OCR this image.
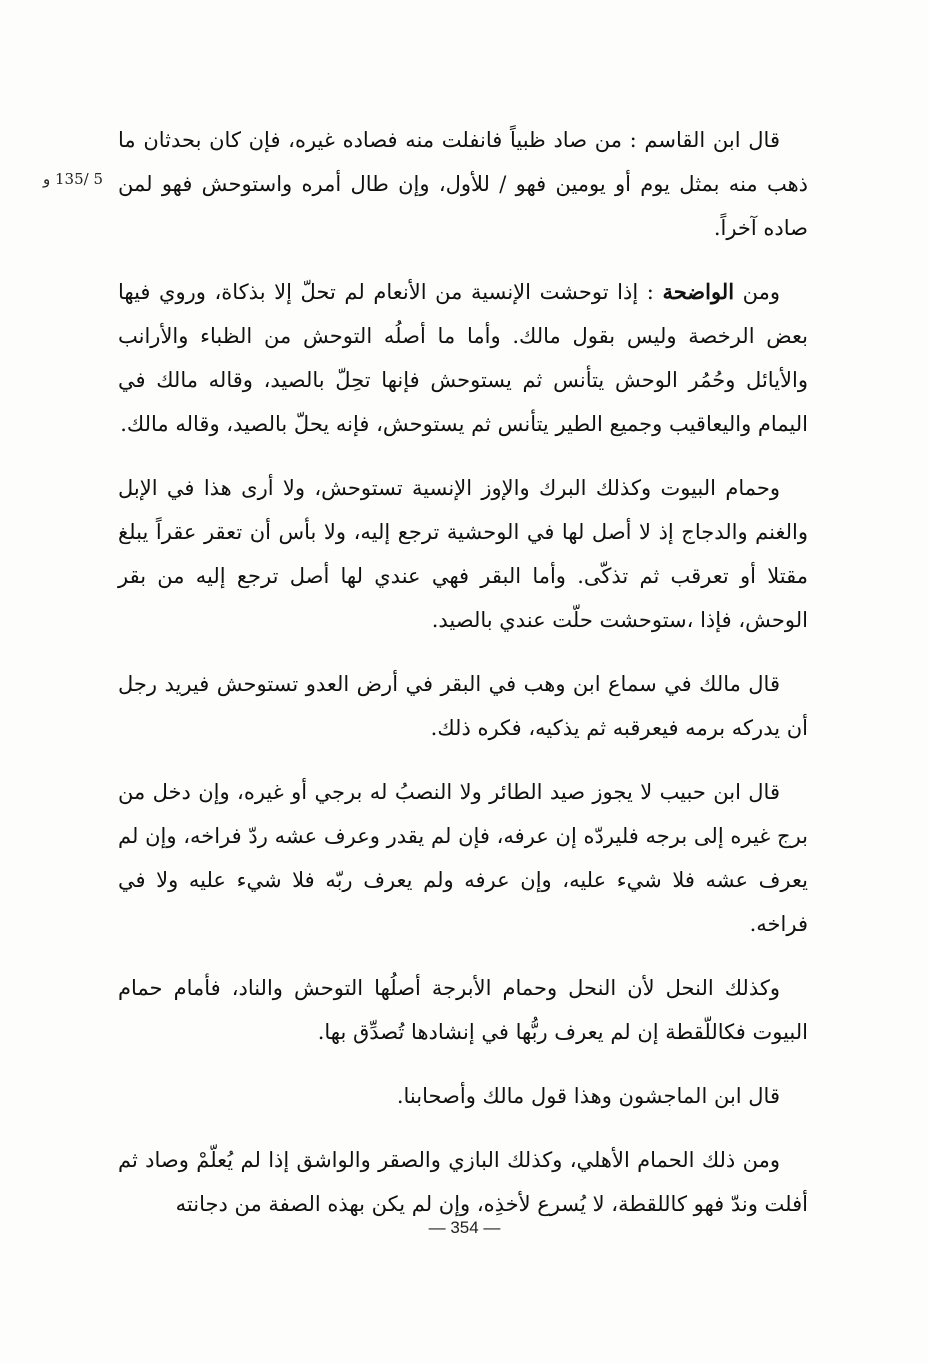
5 /135 و

قال ابن القاسم : من صاد ظبياً فانفلت منه فصاده غيره، فإن كان بحدثان ما ذهب منه بمثل يوم أو يومين فهو / للأول، وإن طال أمره واستوحش فهو لمن صاده آخراً.

ومن الواضحة : إذا توحشت الإنسية من الأنعام لم تحلّ إلا بذكاة، وروي فيها بعض الرخصة وليس بقول مالك. وأما ما أصلُه التوحش من الظباء والأرانب والأيائل وحُمُر الوحش يتأنس ثم يستوحش فإنها تحِلّ بالصيد، وقاله مالك في اليمام واليعاقيب وجميع الطير يتأنس ثم يستوحش، فإنه يحلّ بالصيد، وقاله مالك.

وحمام البيوت وكذلك البرك والإوز الإنسية تستوحش، ولا أرى هذا في الإبل والغنم والدجاج إذ لا أصل لها في الوحشية ترجع إليه، ولا بأس أن تعقر عقراً يبلغ مقتلا أو تعرقب ثم تذكّى. وأما البقر فهي عندي لها أصل ترجع إليه من بقر الوحش، فإذا ،ستوحشت حلّت عندي بالصيد.

قال مالك في سماع ابن وهب في البقر في أرض العدو تستوحش فيريد رجل أن يدركه برمه فيعرقبه ثم يذكيه، فكره ذلك.

قال ابن حبيب لا يجوز صيد الطائر ولا النصبُ له برجي أو غيره، وإن دخل من برج غيره إلى برجه فليردّه إن عرفه، فإن لم يقدر وعرف عشه ردّ فراخه، وإن لم يعرف عشه فلا شيء عليه، وإن عرفه ولم يعرف ربّه فلا شيء عليه ولا في فراخه.

وكذلك النحل لأن النحل وحمام الأبرجة أصلُها التوحش والناد، فأمام حمام البيوت فكاللّقطة إن لم يعرف ربُّها في إنشادها تُصدِّق بها.

قال ابن الماجشون وهذا قول مالك وأصحابنا.

ومن ذلك الحمام الأهلي، وكذلك البازي والصقر والواشق إذا لم يُعلّمْ وصاد ثم أفلت وندّ فهو كاللقطة، لا يُسرع لأخذِه، وإن لم يكن بهذه الصفة من دجانته

— 354 —
